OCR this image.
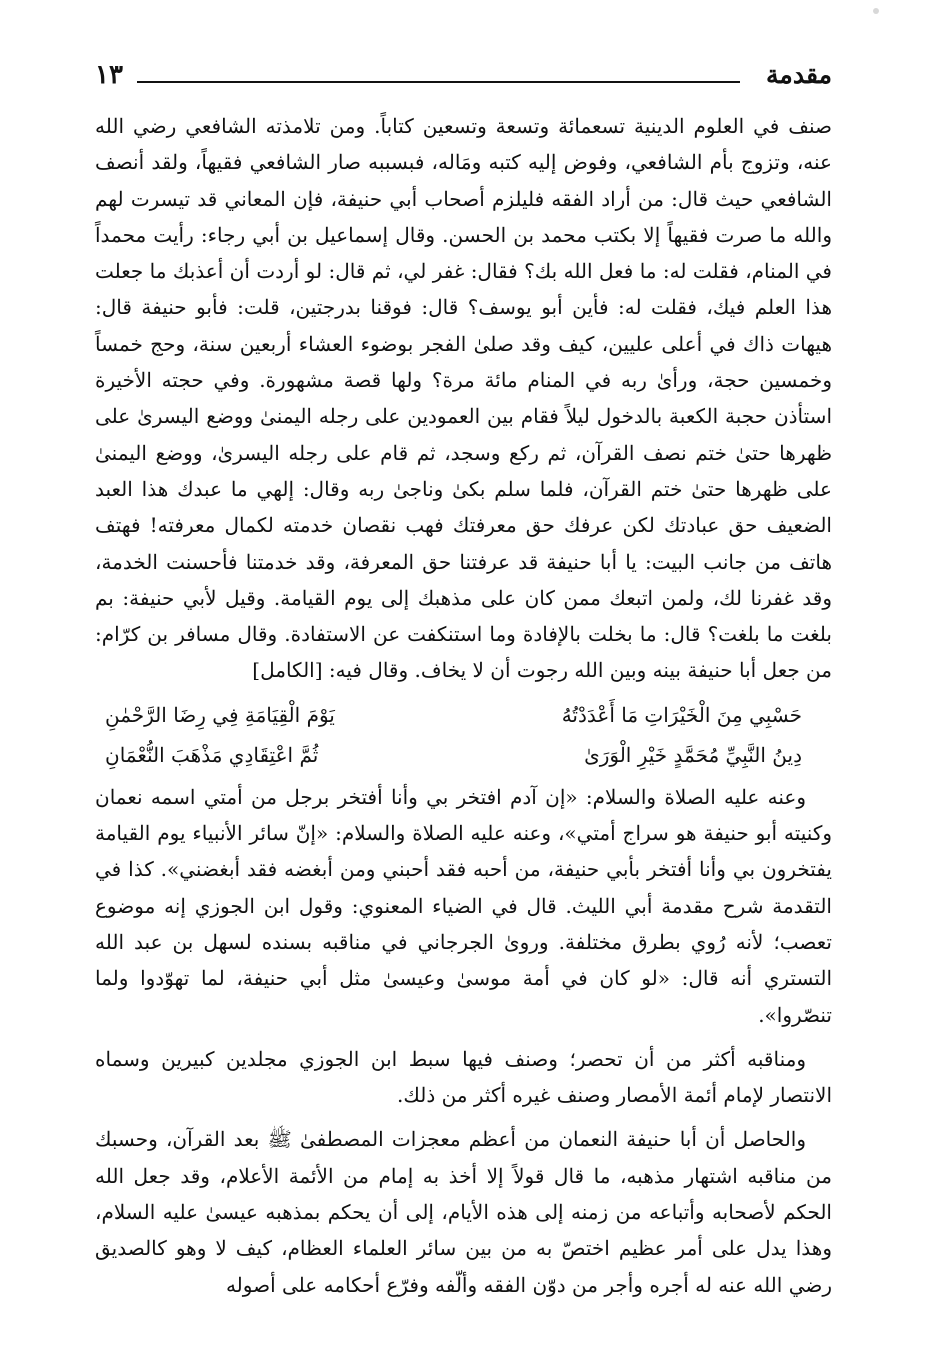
١٣	مقدمة

صنف في العلوم الدينية تسعمائة وتسعة وتسعين كتاباً. ومن تلامذته الشافعي رضي الله عنه، وتزوج بأم الشافعي، وفوض إليه كتبه ومَاله، فبسببه صار الشافعي فقيهاً، ولقد أنصف الشافعي حيث قال: من أراد الفقه فليلزم أصحاب أبي حنيفة، فإن المعاني قد تيسرت لهم والله ما صرت فقيهاً إلا بكتب محمد بن الحسن. وقال إسماعيل بن أبي رجاء: رأيت محمداً في المنام، فقلت له: ما فعل الله بك؟ فقال: غفر لي، ثم قال: لو أردت أن أعذبك ما جعلت هذا العلم فيك، فقلت له: فأين أبو يوسف؟ قال: فوقنا بدرجتين، قلت: فأبو حنيفة قال: هيهات ذاك في أعلى عليين، كيف وقد صلىٰ الفجر بوضوء العشاء أربعين سنة، وحج خمساً وخمسين حجة، ورأىٰ ربه في المنام مائة مرة؟ ولها قصة مشهورة. وفي حجته الأخيرة استأذن حجبة الكعبة بالدخول ليلاً فقام بين العمودين على رجله اليمنىٰ ووضع اليسرىٰ على ظهرها حتىٰ ختم نصف القرآن، ثم ركع وسجد، ثم قام على رجله اليسرىٰ، ووضع اليمنىٰ على ظهرها حتىٰ ختم القرآن، فلما سلم بكىٰ وناجىٰ ربه وقال: إلهي ما عبدك هذا العبد الضعيف حق عبادتك لكن عرفك حق معرفتك فهب نقصان خدمته لكمال معرفته! فهتف هاتف من جانب البيت: يا أبا حنيفة قد عرفتنا حق المعرفة، وقد خدمتنا فأحسنت الخدمة، وقد غفرنا لك، ولمن اتبعك ممن كان على مذهبك إلى يوم القيامة. وقيل لأبي حنيفة: بم بلغت ما بلغت؟ قال: ما بخلت بالإفادة وما استنكفت عن الاستفادة. وقال مسافر بن كرّام: من جعل أبا حنيفة بينه وبين الله رجوت أن لا يخاف. وقال فيه: [الكامل]

حَسْبِي مِنَ الْخَيْرَاتِ مَا أَعْدَدْتُهُ
يَوْمَ الْقِيَامَةِ فِي رِضَا الرَّحْمٰنِ
دِينُ النَّبِيِّ مُحَمَّدٍ خَيْرِ الْوَرَىٰ
ثُمَّ اعْتِقَادِي مَذْهَبَ النُّعْمَانِ

وعنه عليه الصلاة والسلام: «إن آدم افتخر بي وأنا أفتخر برجل من أمتي اسمه نعمان وكنيته أبو حنيفة هو سراج أمتي»، وعنه عليه الصلاة والسلام: «إنّ سائر الأنبياء يوم القيامة يفتخرون بي وأنا أفتخر بأبي حنيفة، من أحبه فقد أحبني ومن أبغضه فقد أبغضني». كذا في التقدمة شرح مقدمة أبي الليث. قال في الضياء المعنوي: وقول ابن الجوزي إنه موضوع تعصب؛ لأنه رُوي بطرق مختلفة. وروىٰ الجرجاني في مناقبه بسنده لسهل بن عبد الله التستري أنه قال: «لو كان في أمة موسىٰ وعيسىٰ مثل أبي حنيفة، لما تهوّدوا ولما تنصّروا».

ومناقبه أكثر من أن تحصر؛ وصنف فيها سبط ابن الجوزي مجلدين كبيرين وسماه الانتصار لإمام أئمة الأمصار وصنف غيره أكثر من ذلك.

والحاصل أن أبا حنيفة النعمان من أعظم معجزات المصطفىٰ ﷺ بعد القرآن، وحسبك من مناقبه اشتهار مذهبه، ما قال قولاً إلا أخذ به إمام من الأئمة الأعلام، وقد جعل الله الحكم لأصحابه وأتباعه من زمنه إلى هذه الأيام، إلى أن يحكم بمذهبه عيسىٰ عليه السلام، وهذا يدل على أمر عظيم اختصّ به من بين سائر العلماء العظام، كيف لا وهو كالصديق رضي الله عنه له أجره وأجر من دوّن الفقه وألّفه وفرّع أحكامه على أصوله
